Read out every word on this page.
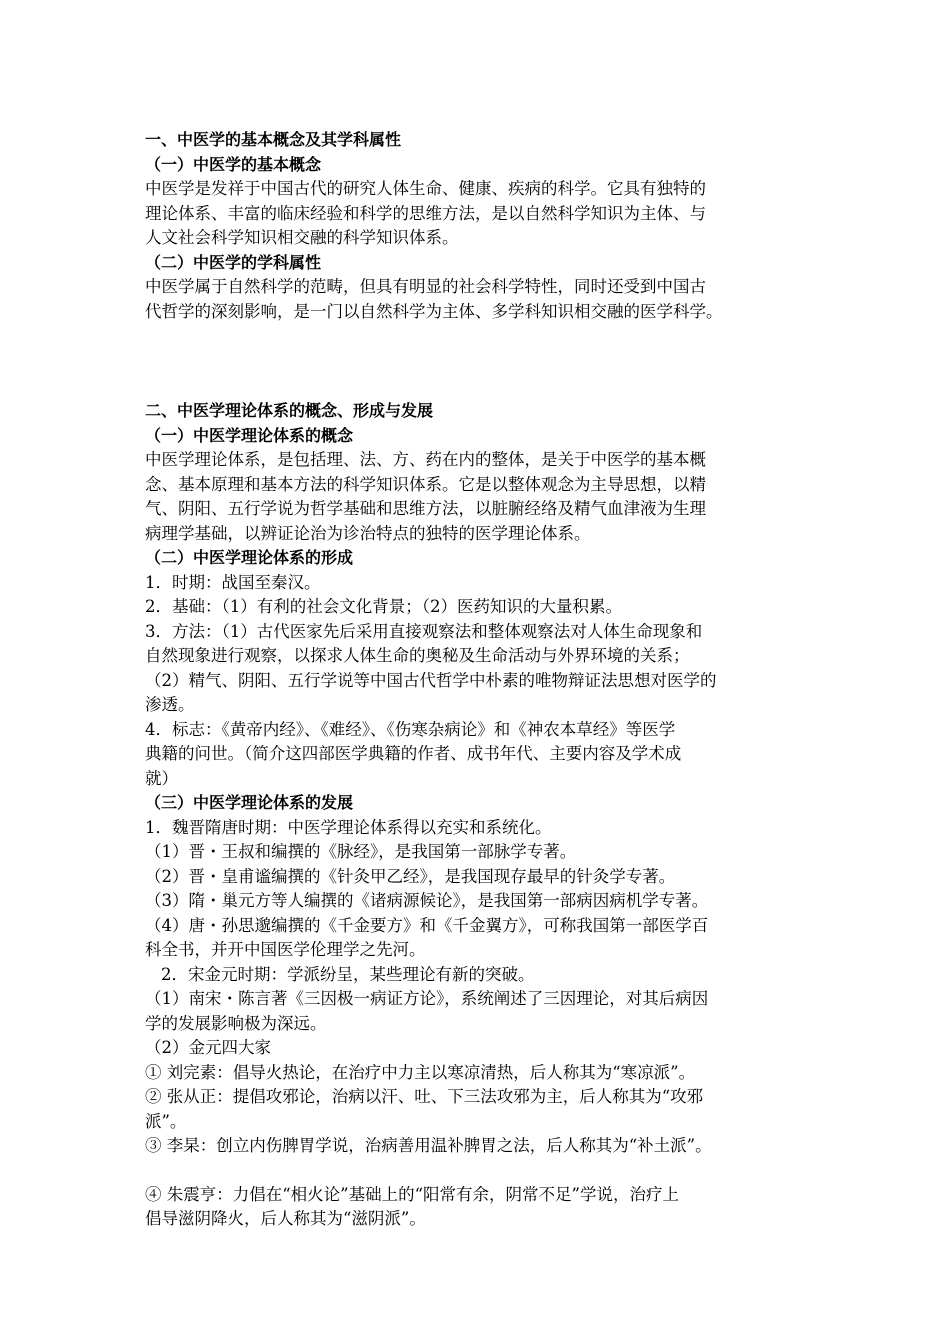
一、中医学的基本概念及其学科属性
（一）中医学的基本概念
中医学是发祥于中国古代的研究人体生命、健康、疾病的科学。它具有独特的
理论体系、丰富的临床经验和科学的思维方法，是以自然科学知识为主体、与
人文社会科学知识相交融的科学知识体系。
（二）中医学的学科属性
中医学属于自然科学的范畴，但具有明显的社会科学特性，同时还受到中国古
代哲学的深刻影响，是一门以自然科学为主体、多学科知识相交融的医学科学。
二、中医学理论体系的概念、形成与发展
（一）中医学理论体系的概念
中医学理论体系，是包括理、法、方、药在内的整体，是关于中医学的基本概
念、基本原理和基本方法的科学知识体系。它是以整体观念为主导思想，以精
气、阴阳、五行学说为哲学基础和思维方法，以脏腑经络及精气血津液为生理
病理学基础，以辨证论治为诊治特点的独特的医学理论体系。
（二）中医学理论体系的形成
1．时期：战国至秦汉。
2．基础：（1）有利的社会文化背景；（2）医药知识的大量积累。
3．方法：（1）古代医家先后采用直接观察法和整体观察法对人体生命现象和
自然现象进行观察，以探求人体生命的奥秘及生命活动与外界环境的关系；
（2）精气、阴阳、五行学说等中国古代哲学中朴素的唯物辩证法思想对医学的
渗透。
4．标志：《黄帝内经》、《难经》、《伤寒杂病论》和《神农本草经》等医学
典籍的问世。（简介这四部医学典籍的作者、成书年代、主要内容及学术成
就）
（三）中医学理论体系的发展
1．魏晋隋唐时期：中医学理论体系得以充实和系统化。
（1）晋・王叔和编撰的《脉经》，是我国第一部脉学专著。
（2）晋・皇甫谧编撰的《针灸甲乙经》，是我国现存最早的针灸学专著。
（3）隋・巢元方等人编撰的《诸病源候论》，是我国第一部病因病机学专著。
（4）唐・孙思邈编撰的《千金要方》和《千金翼方》，可称我国第一部医学百
科全书，并开中国医学伦理学之先河。
2．宋金元时期：学派纷呈，某些理论有新的突破。
（1）南宋・陈言著《三因极一病证方论》，系统阐述了三因理论，对其后病因
学的发展影响极为深远。
（2）金元四大家
① 刘完素：倡导火热论，在治疗中力主以寒凉清热，后人称其为“寒凉派”。
② 张从正：提倡攻邪论，治病以汗、吐、下三法攻邪为主，后人称其为“攻邪
派”。
③ 李杲：创立内伤脾胃学说，治病善用温补脾胃之法，后人称其为“补土派”。
④ 朱震亨：力倡在“相火论”基础上的“阳常有余，阴常不足”学说，治疗上
倡导滋阴降火，后人称其为“滋阴派”。
